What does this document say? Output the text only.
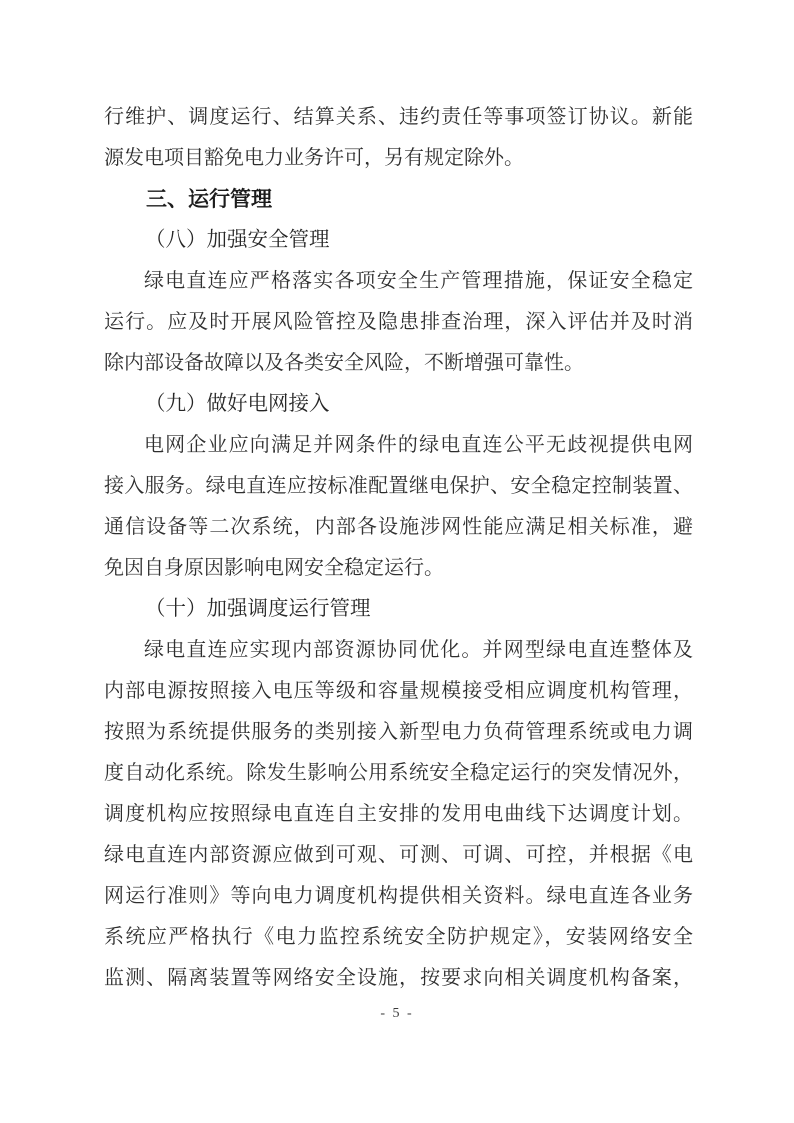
行维护、调度运行、结算关系、违约责任等事项签订协议。新能
源发电项目豁免电力业务许可，另有规定除外。
三、运行管理
（八）加强安全管理
绿电直连应严格落实各项安全生产管理措施，保证安全稳定
运行。应及时开展风险管控及隐患排查治理，深入评估并及时消
除内部设备故障以及各类安全风险，不断增强可靠性。
（九）做好电网接入
电网企业应向满足并网条件的绿电直连公平无歧视提供电网
接入服务。绿电直连应按标准配置继电保护、安全稳定控制装置、
通信设备等二次系统，内部各设施涉网性能应满足相关标准，避
免因自身原因影响电网安全稳定运行。
（十）加强调度运行管理
绿电直连应实现内部资源协同优化。并网型绿电直连整体及
内部电源按照接入电压等级和容量规模接受相应调度机构管理，
按照为系统提供服务的类别接入新型电力负荷管理系统或电力调
度自动化系统。除发生影响公用系统安全稳定运行的突发情况外，
调度机构应按照绿电直连自主安排的发用电曲线下达调度计划。
绿电直连内部资源应做到可观、可测、可调、可控，并根据《电
网运行准则》等向电力调度机构提供相关资料。绿电直连各业务
系统应严格执行《电力监控系统安全防护规定》，安装网络安全
监测、隔离装置等网络安全设施，按要求向相关调度机构备案，
- 5 -
